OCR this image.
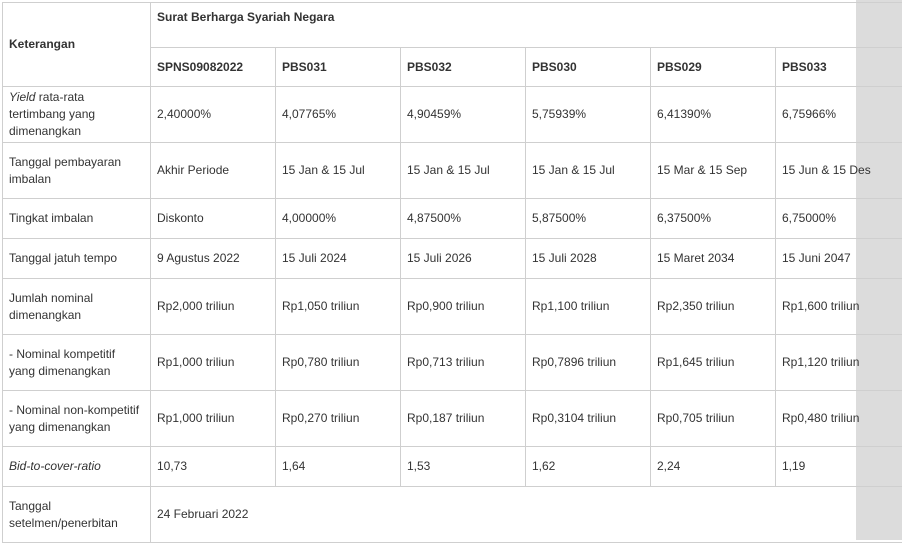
Keterangan	Surat Berharga Syariah Negara					
	SPNS09082022	PBS031	PBS032	PBS030	PBS029	PBS033
Yield rata-rata tertimbang yang dimenangkan	2,40000%	4,07765%	4,90459%	5,75939%	6,41390%	6,75966%
Tanggal pembayaran imbalan	Akhir Periode	15 Jan & 15 Jul	15 Jan & 15 Jul	15 Jan & 15 Jul	15 Mar & 15 Sep	15 Jun & 15 Des
Tingkat imbalan	Diskonto	4,00000%	4,87500%	5,87500%	6,37500%	6,75000%
Tanggal jatuh tempo	9 Agustus 2022	15 Juli 2024	15 Juli 2026	15 Juli 2028	15 Maret 2034	15 Juni 2047
Jumlah nominal dimenangkan	Rp2,000 triliun	Rp1,050 triliun	Rp0,900 triliun	Rp1,100 triliun	Rp2,350 triliun	Rp1,600 triliun
- Nominal kompetitif yang dimenangkan	Rp1,000 triliun	Rp0,780 triliun	Rp0,713 triliun	Rp0,7896 triliun	Rp1,645 triliun	Rp1,120 triliun
- Nominal non-kompetitif yang dimenangkan	Rp1,000 triliun	Rp0,270 triliun	Rp0,187 triliun	Rp0,3104 triliun	Rp0,705 triliun	Rp0,480 triliun
Bid-to-cover-ratio	10,73	1,64	1,53	1,62	2,24	1,19
Tanggal setelmen/penerbitan	24 Februari 2022					
